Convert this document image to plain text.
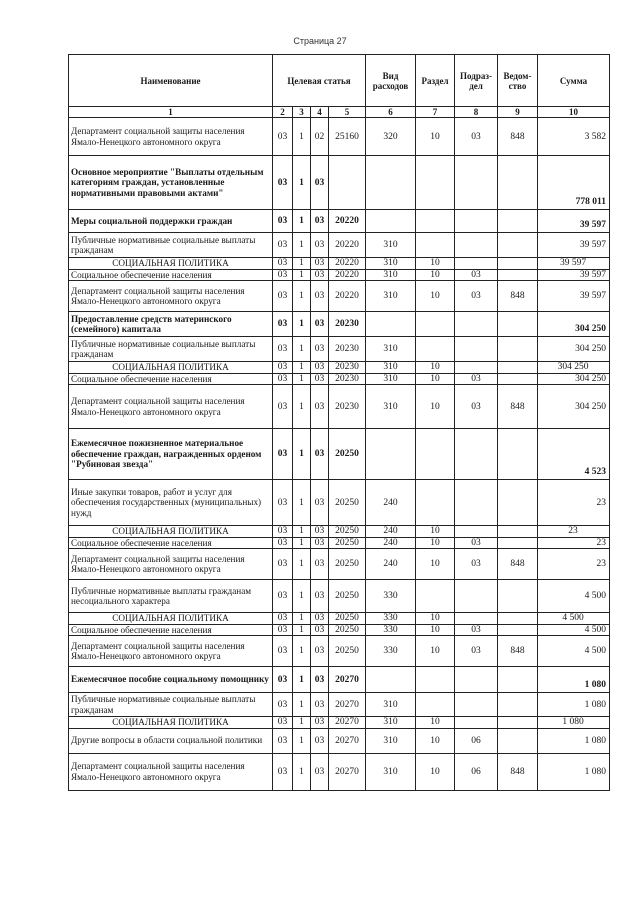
Страница 27
Наименование	Целевая статья				Вид расходов	Раздел	Подраз-дел	Ведом-ство	Сумма
1	2	3	4	5	6	7	8	9	10
Департамент социальной защиты населения Ямало-Ненецкого автономного округа	03	1	02	25160	320	10	03	848	3 582
Основное мероприятие "Выплаты отдельным категориям граждан, установленные нормативными правовыми актами"	03	1	03						778 011
Меры социальной поддержки граждан	03	1	03	20220					39 597
Публичные нормативные социальные выплаты гражданам	03	1	03	20220	310				39 597
СОЦИАЛЬНАЯ ПОЛИТИКА	03	1	03	20220	310	10			39 597
Социальное обеспечение населения	03	1	03	20220	310	10	03		39 597
Департамент социальной защиты населения Ямало-Ненецкого автономного округа	03	1	03	20220	310	10	03	848	39 597
Предоставление средств материнского (семейного) капитала	03	1	03	20230					304 250
Публичные нормативные социальные выплаты гражданам	03	1	03	20230	310				304 250
СОЦИАЛЬНАЯ ПОЛИТИКА	03	1	03	20230	310	10			304 250
Социальное обеспечение населения	03	1	03	20230	310	10	03		304 250
Департамент социальной защиты населения Ямало-Ненецкого автономного округа	03	1	03	20230	310	10	03	848	304 250
Ежемесячное пожизненное материальное обеспечение граждан, награжденных орденом "Рубиновая звезда"	03	1	03	20250					4 523
Иные закупки товаров, работ и услуг для обеспечения государственных (муниципальных) нужд	03	1	03	20250	240				23
СОЦИАЛЬНАЯ ПОЛИТИКА	03	1	03	20250	240	10			23
Социальное обеспечение населения	03	1	03	20250	240	10	03		23
Департамент социальной защиты населения Ямало-Ненецкого автономного округа	03	1	03	20250	240	10	03	848	23
Публичные нормативные выплаты гражданам несоциального характера	03	1	03	20250	330				4 500
СОЦИАЛЬНАЯ ПОЛИТИКА	03	1	03	20250	330	10			4 500
Социальное обеспечение населения	03	1	03	20250	330	10	03		4 500
Департамент социальной защиты населения Ямало-Ненецкого автономного округа	03	1	03	20250	330	10	03	848	4 500
Ежемесячное пособие социальному помощнику	03	1	03	20270					1 080
Публичные нормативные социальные выплаты гражданам	03	1	03	20270	310				1 080
СОЦИАЛЬНАЯ ПОЛИТИКА	03	1	03	20270	310	10			1 080
Другие вопросы в области социальной политики	03	1	03	20270	310	10	06		1 080
Департамент социальной защиты населения Ямало-Ненецкого автономного округа	03	1	03	20270	310	10	06	848	1 080
